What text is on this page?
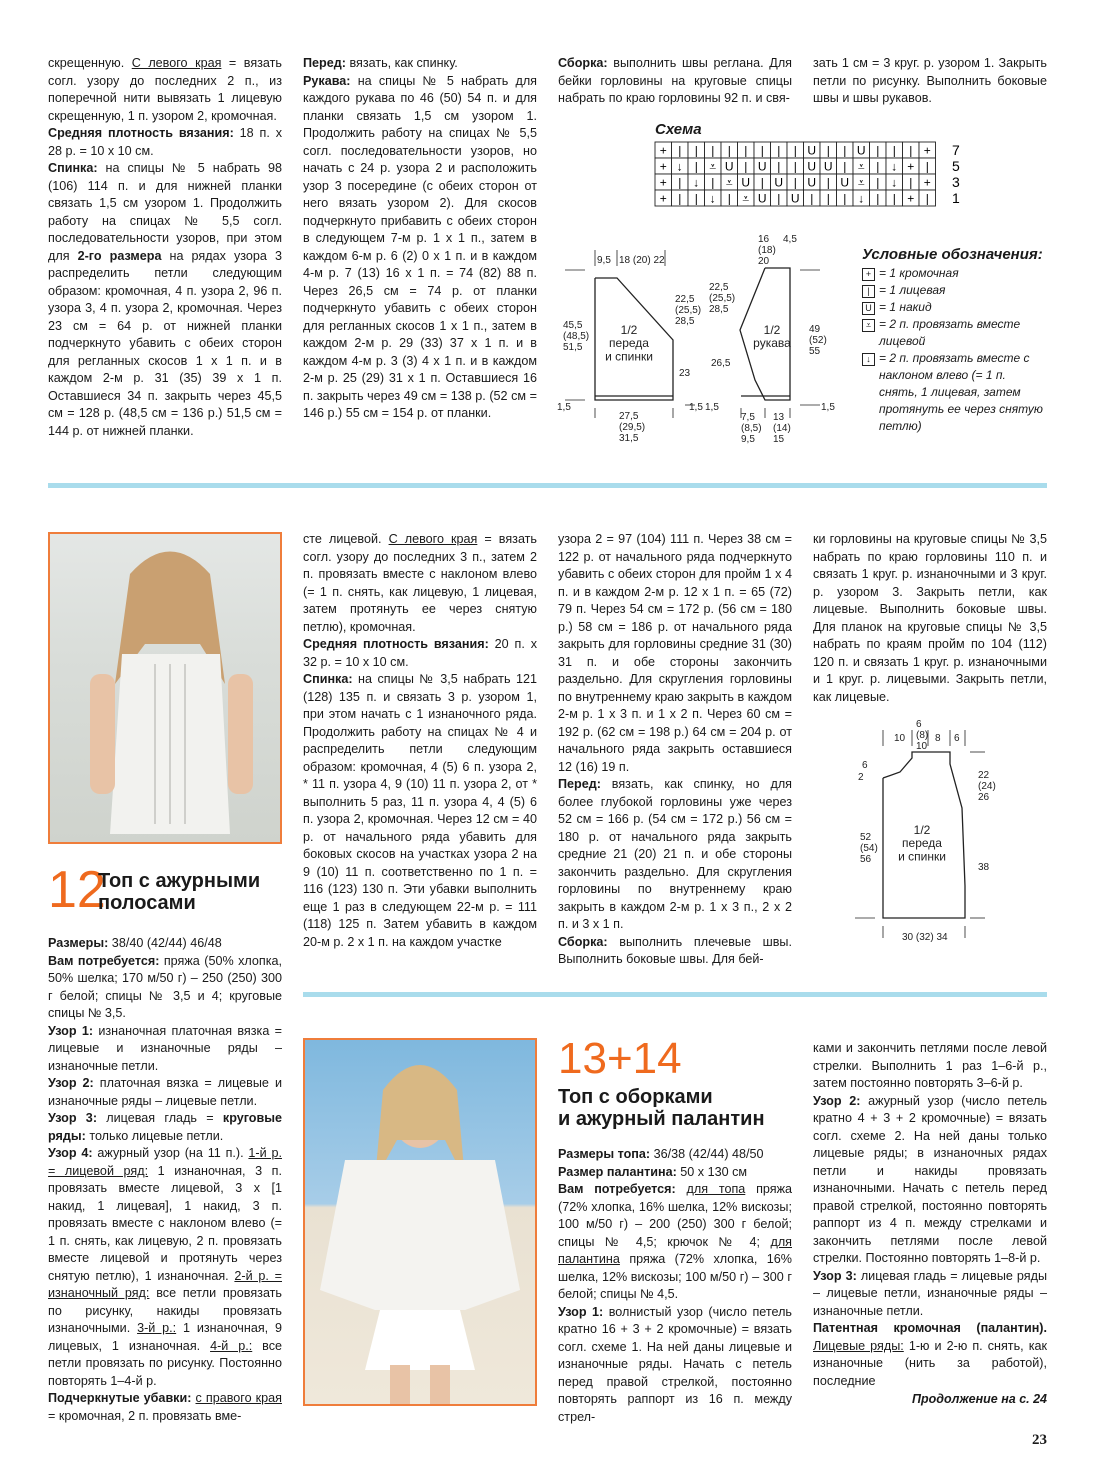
скрещенную. С левого края = вязать согл. узору до последних 2 п., из поперечной нити вывязать 1 лицевую скрещенную, 1 п. узором 2, кромочная.

Средняя плотность вязания: 18 п. х 28 р. = 10 х 10 см.

Спинка: на спицы № 5 набрать 98 (106) 114 п. и для нижней планки связать 1,5 см узором 1. Продолжить работу на спицах № 5,5 согл. последовательности узоров, при этом для 2-го размера на рядах узора 3 распределить петли следующим образом: кромочная, 4 п. узора 2, 96 п. узора 3, 4 п. узора 2, кромочная. Через 23 см = 64 р. от нижней планки подчеркнуто убавить с обеих сторон для регланных скосов 1 х 1 п. и в каждом 2-м р. 31 (35) 39 х 1 п. Оставшиеся 34 п. закрыть через 45,5 см = 128 р. (48,5 см = 136 р.) 51,5 см = 144 р. от нижней планки.

Перед: вязать, как спинку.

Рукава: на спицы № 5 набрать для каждого рукава по 46 (50) 54 п. и для планки связать 1,5 см узором 1. Продолжить работу на спицах № 5,5 согл. последовательности узоров, но начать с 24 р. узора 2 и расположить узор 3 посередине (с обеих сторон от него вязать узором 2). Для скосов подчеркнуто прибавить с обеих сторон в следующем 7-м р. 1 х 1 п., затем в каждом 6-м р. 6 (2) 0 х 1 п. и в каждом 4-м р. 7 (13) 16 х 1 п. = 74 (82) 88 п. Через 26,5 см = 74 р. от планки подчеркнуто убавить с обеих сторон для регланных скосов 1 х 1 п., затем в каждом 2-м р. 29 (33) 37 х 1 п. и в каждом 4-м р. 3 (3) 4 х 1 п. и в каждом 2-м р. 25 (29) 31 х 1 п. Оставшиеся 16 п. закрыть через 49 см = 138 р. (52 см = 146 р.) 55 см = 154 р. от планки.

Сборка: выполнить швы реглана. Для бейки горловины на круговые спицы набрать по краю горловины 92 п. и свя-

зать 1 см = 3 круг. р. узором 1. Закрыть петли по рисунку. Выполнить боковые швы и швы рукавов.

Схема
+ | | | | | | | | U | | U | | | +
+ ↓ | ⩡ U | U | | U U | ⩡ | ↓ + |
+ | ↓ | ⩡ U | U | U | U ⩡ | ↓ | +
+ | | ↓ | ⩡ U | U | | | ↓ | | + |
7
5
3
1
9,5 18 (20) 22
45,5 (48,5) 51,5
22,5 (25,5) 28,5
23
27,5 (29,5) 31,5
1,5	1,5 1,5
16 (18) 20
4,5
22,5 (25,5) 28,5
26,5
49 (52) 55
7,5 (8,5) 9,5
13 (14) 15
1,5
1/2 переда и спинки
1/2 рукава
Условные обозначения:
+ = 1 кромочная
| = 1 лицевая
U = 1 накид
⩡ = 2 п. провязать вместе лицевой
↓ = 2 п. провязать вместе с наклоном влево (= 1 п. снять, 1 лицевая, затем протянуть ее через снятую петлю)
12
Топ с ажурными
полосами

Размеры: 38/40 (42/44) 46/48

Вам потребуется: пряжа (50% хлопка, 50% шелка; 170 м/50 г) – 250 (250) 300 г белой; спицы № 3,5 и 4; круговые спицы № 3,5.

Узор 1: изнаночная платочная вязка = лицевые и изнаночные ряды – изнаночные петли.

Узор 2: платочная вязка = лицевые и изнаночные ряды – лицевые петли.

Узор 3: лицевая гладь = круговые ряды: только лицевые петли.

Узор 4: ажурный узор (на 11 п.). 1-й р. = лицевой ряд: 1 изнаночная, 3 п. провязать вместе лицевой, 3 х [1 накид, 1 лицевая], 1 накид, 3 п. провязать вместе с наклоном влево (= 1 п. снять, как лицевую, 2 п. провязать вместе лицевой и протянуть через снятую петлю), 1 изнаночная. 2-й р. = изнаночный ряд: все петли провязать по рисунку, накиды провязать изнаночными. 3-й р.: 1 изнаночная, 9 лицевых, 1 изнаночная. 4-й р.: все петли провязать по рисунку. Постоянно повторять 1–4-й р.

Подчеркнутые убавки: с правого края = кромочная, 2 п. провязать вме-

сте лицевой. С левого края = вязать согл. узору до последних 3 п., затем 2 п. провязать вместе с наклоном влево (= 1 п. снять, как лицевую, 1 лицевая, затем протянуть ее через снятую петлю), кромочная.

Средняя плотность вязания: 20 п. х 32 р. = 10 х 10 см.

Спинка: на спицы № 3,5 набрать 121 (128) 135 п. и связать 3 р. узором 1, при этом начать с 1 изнаночного ряда. Продолжить работу на спицах № 4 и распределить петли следующим образом: кромочная, 4 (5) 6 п. узора 2, * 11 п. узора 4, 9 (10) 11 п. узора 2, от * выполнить 5 раз, 11 п. узора 4, 4 (5) 6 п. узора 2, кромочная. Через 12 см = 40 р. от начального ряда убавить для боковых скосов на участках узора 2 на 9 (10) 11 п. соответственно по 1 п. = 116 (123) 130 п. Эти убавки выполнить еще 1 раз в следующем 22-м р. = 111 (118) 125 п. Затем убавить в каждом 20-м р. 2 х 1 п. на каждом участке

узора 2 = 97 (104) 111 п. Через 38 см = 122 р. от начального ряда подчеркнуто убавить с обеих сторон для пройм 1 х 4 п. и в каждом 2-м р. 12 х 1 п. = 65 (72) 79 п. Через 54 см = 172 р. (56 см = 180 р.) 58 см = 186 р. от начального ряда закрыть для горловины средние 31 (30) 31 п. и обе стороны закончить раздельно. Для скругления горловины по внутреннему краю закрыть в каждом 2-м р. 1 х 3 п. и 1 х 2 п. Через 60 см = 192 р. (62 см = 198 р.) 64 см = 204 р. от начального ряда закрыть оставшиеся 12 (16) 19 п.

Перед: вязать, как спинку, но для более глубокой горловины уже через 52 см = 166 р. (54 см = 172 р.) 56 см = 180 р. от начального ряда закрыть средние 21 (20) 21 п. и обе стороны закончить раздельно. Для скругления горловины по внутреннему краю закрыть в каждом 2-м р. 1 х 3 п., 2 х 2 п. и 3 х 1 п.

Сборка: выполнить плечевые швы. Выполнить боковые швы. Для бей-

ки горловины на круговые спицы № 3,5 набрать по краю горловины 110 п. и связать 1 круг. р. изнаночными и 3 круг. р. узором 3. Закрыть петли, как лицевые. Выполнить боковые швы. Для планок на круговые спицы № 3,5 набрать по краям пройм по 104 (112) 120 п. и связать 1 круг. р. изнаночными и 1 круг. р. лицевыми. Закрыть петли, как лицевые.

10
6 (8) 10
8 6
6
2	22 (24) 26
52 (54) 56
38
30 (32) 34
1/2 переда и спинки
13+14
Топ с оборками
и ажурный палантин

Размеры топа: 36/38 (42/44) 48/50

Размер палантина: 50 х 130 см

Вам потребуется: для топа пряжа (72% хлопка, 16% шелка, 12% вискозы; 100 м/50 г) – 200 (250) 300 г белой; спицы № 4,5; крючок № 4; для палантина пряжа (72% хлопка, 16% шелка, 12% вискозы; 100 м/50 г) – 300 г белой; спицы № 4,5.

Узор 1: волнистый узор (число петель кратно 16 + 3 + 2 кромочные) = вязать согл. схеме 1. На ней даны лицевые и изнаночные ряды. Начать с петель перед правой стрелкой, постоянно повторять раппорт из 16 п. между стрел-

ками и закончить петлями после левой стрелки. Выполнить 1 раз 1–6-й р., затем постоянно повторять 3–6-й р.

Узор 2: ажурный узор (число петель кратно 4 + 3 + 2 кромочные) = вязать согл. схеме 2. На ней даны только лицевые ряды; в изнаночных рядах петли и накиды провязать изнаночными. Начать с петель перед правой стрелкой, постоянно повторять раппорт из 4 п. между стрелками и закончить петлями после левой стрелки. Постоянно повторять 1–8-й р.

Узор 3: лицевая гладь = лицевые ряды – лицевые петли, изнаночные ряды – изнаночные петли.

Патентная кромочная (палантин). Лицевые ряды: 1-ю и 2-ю п. снять, как изнаночные (нить за работой), последние

Продолжение на с. 24
23
